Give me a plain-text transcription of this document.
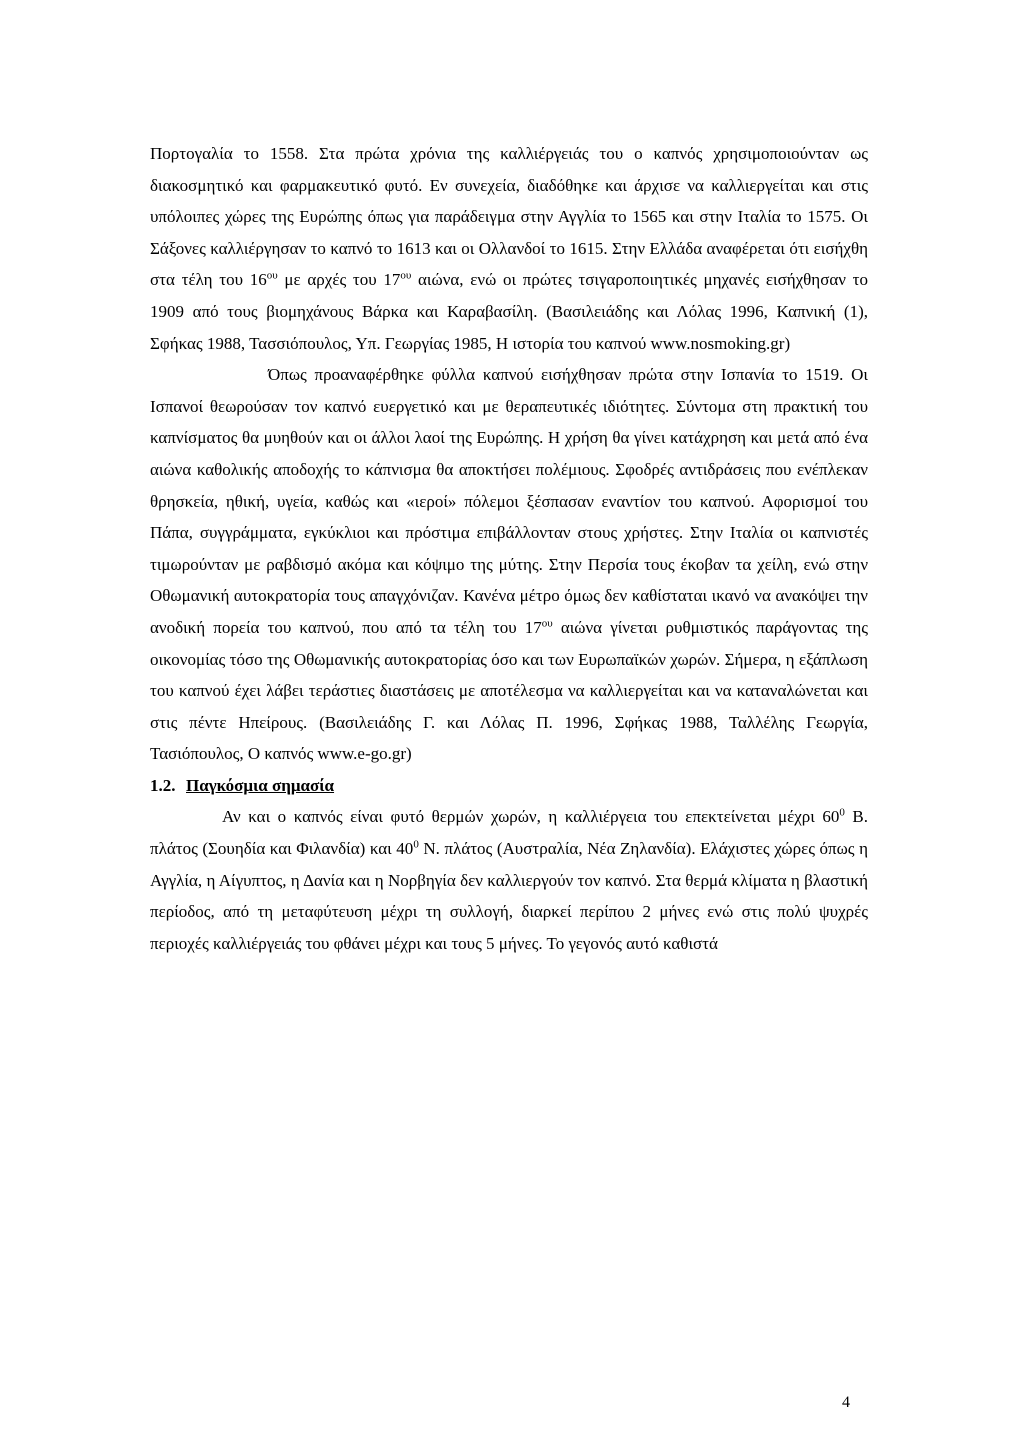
Πορτογαλία το 1558. Στα πρώτα χρόνια της καλλιέργειάς του ο καπνός χρησιμοποιούνταν ως διακοσμητικό και φαρμακευτικό φυτό. Εν συνεχεία, διαδόθηκε και άρχισε να καλλιεργείται και στις υπόλοιπες χώρες της Ευρώπης όπως για παράδειγμα στην Αγγλία το 1565 και στην Ιταλία το 1575. Οι Σάξονες καλλιέργησαν το καπνό το 1613 και οι Ολλανδοί το 1615. Στην Ελλάδα αναφέρεται ότι εισήχθη στα τέλη του $16^{o\upsilon}$ με αρχές του $17^{o\upsilon}$ αιώνα, ενώ οι πρώτες τσιγαροποιητικές μηχανές εισήχθησαν το 1909 από τους βιομηχάνους Βάρκα και Καραβασίλη. (Βασιλειάδης και Λόλας 1996, Καπνική (1), Σφήκας 1988, Τασσιόπουλος, Υπ. Γεωργίας 1985, Η ιστορία του καπνού www.nosmoking.gr)

Όπως προαναφέρθηκε φύλλα καπνού εισήχθησαν πρώτα στην Ισπανία το 1519. Οι Ισπανοί θεωρούσαν τον καπνό ευεργετικό και με θεραπευτικές ιδιότητες. Σύντομα στη πρακτική του καπνίσματος θα μυηθούν και οι άλλοι λαοί της Ευρώπης. Η χρήση θα γίνει κατάχρηση και μετά από ένα αιώνα καθολικής αποδοχής το κάπνισμα θα αποκτήσει πολέμιους. Σφοδρές αντιδράσεις που ενέπλεκαν θρησκεία, ηθική, υγεία, καθώς και «ιεροί» πόλεμοι ξέσπασαν εναντίον του καπνού. Αφορισμοί του Πάπα, συγγράμματα, εγκύκλιοι και πρόστιμα επιβάλλονταν στους χρήστες. Στην Ιταλία οι καπνιστές τιμωρούνταν με ραβδισμό ακόμα και κόψιμο της μύτης. Στην Περσία τους έκοβαν τα χείλη, ενώ στην Οθωμανική αυτοκρατορία τους απαγχόνιζαν. Κανένα μέτρο όμως δεν καθίσταται ικανό να ανακόψει την ανοδική πορεία του καπνού, που από τα τέλη του $17^{o\upsilon}$ αιώνα γίνεται ρυθμιστικός παράγοντας της οικονομίας τόσο της Οθωμανικής αυτοκρατορίας όσο και των Ευρωπαϊκών χωρών. Σήμερα, η εξάπλωση του καπνού έχει λάβει τεράστιες διαστάσεις με αποτέλεσμα να καλλιεργείται και να καταναλώνεται και στις πέντε Ηπείρους. (Βασιλειάδης Γ. και Λόλας Π. 1996, Σφήκας 1988, Ταλλέλης Γεωργία, Τασιόπουλος, Ο καπνός www.e-go.gr)

1.2. Παγκόσμια σημασία

Αν και ο καπνός είναι φυτό θερμών χωρών, η καλλιέργεια του επεκτείνεται μέχρι $60^0$ Β. πλάτος (Σουηδία και Φιλανδία) και $40^0$ Ν. πλάτος (Αυστραλία, Νέα Ζηλανδία). Ελάχιστες χώρες όπως η Αγγλία, η Αίγυπτος, η Δανία και η Νορβηγία δεν καλλιεργούν τον καπνό. Στα θερμά κλίματα η βλαστική περίοδος, από τη μεταφύτευση μέχρι τη συλλογή, διαρκεί περίπου 2 μήνες ενώ στις πολύ ψυχρές περιοχές καλλιέργειάς του φθάνει μέχρι και τους 5 μήνες. Το γεγονός αυτό καθιστά

4
